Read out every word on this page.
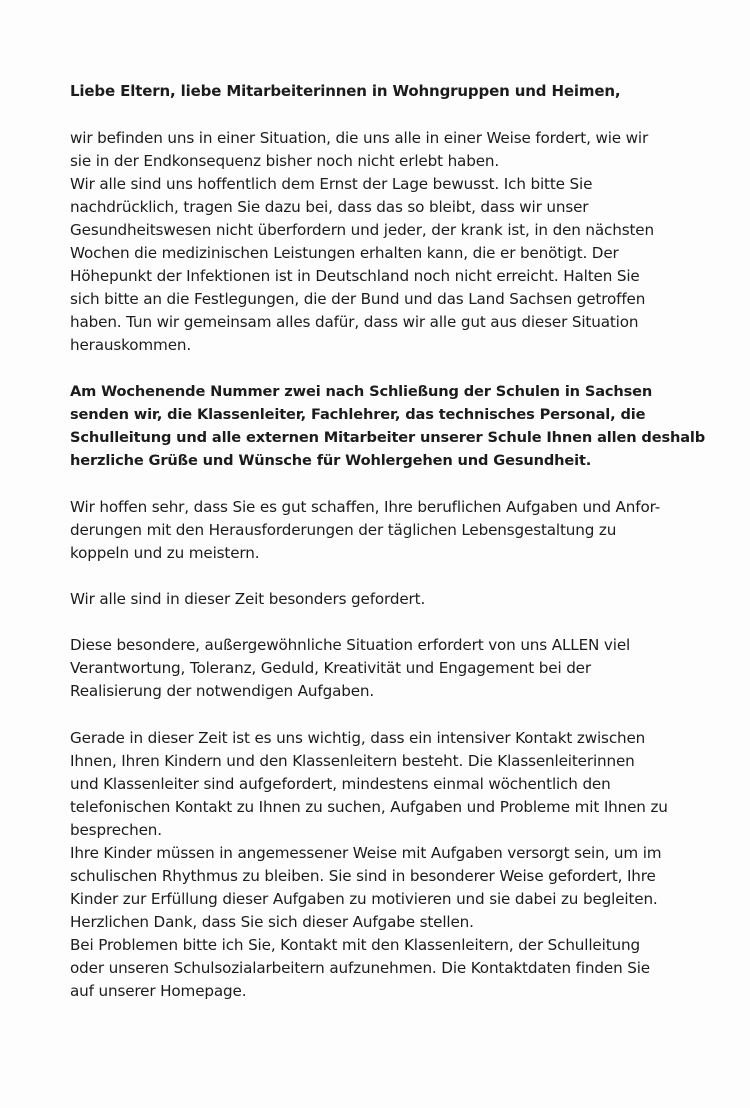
Liebe Eltern, liebe Mitarbeiterinnen in Wohngruppen und Heimen,
wir befinden uns in einer Situation, die uns alle in einer Weise fordert, wie wir
sie in der Endkonsequenz bisher noch nicht erlebt haben.
Wir alle sind uns hoffentlich dem Ernst der Lage bewusst. Ich bitte Sie
nachdrücklich, tragen Sie dazu bei, dass das so bleibt, dass wir unser
Gesundheitswesen nicht überfordern und jeder, der krank ist, in den nächsten
Wochen die medizinischen Leistungen erhalten kann, die er benötigt. Der
Höhepunkt der Infektionen ist in Deutschland noch nicht erreicht. Halten Sie
sich bitte an die Festlegungen, die der Bund und das Land Sachsen getroffen
haben. Tun wir gemeinsam alles dafür, dass wir alle gut aus dieser Situation
herauskommen.
Am Wochenende Nummer zwei nach Schließung der Schulen in Sachsen
senden wir, die Klassenleiter, Fachlehrer, das technisches Personal, die
Schulleitung und alle externen Mitarbeiter unserer Schule Ihnen allen deshalb
herzliche Grüße und Wünsche für Wohlergehen und Gesundheit.
Wir hoffen sehr, dass Sie es gut schaffen, Ihre beruflichen Aufgaben und Anfor-
derungen mit den Herausforderungen der täglichen Lebensgestaltung zu
koppeln und zu meistern.
Wir alle sind in dieser Zeit besonders gefordert.
Diese besondere, außergewöhnliche Situation erfordert von uns ALLEN viel
Verantwortung, Toleranz, Geduld, Kreativität und Engagement bei der
Realisierung der notwendigen Aufgaben.
Gerade in dieser Zeit ist es uns wichtig, dass ein intensiver Kontakt zwischen
Ihnen, Ihren Kindern und den Klassenleitern besteht. Die Klassenleiterinnen
und Klassenleiter sind aufgefordert, mindestens einmal wöchentlich den
telefonischen Kontakt zu Ihnen zu suchen, Aufgaben und Probleme mit Ihnen zu
besprechen.
Ihre Kinder müssen in angemessener Weise mit Aufgaben versorgt sein, um im
schulischen Rhythmus zu bleiben. Sie sind in besonderer Weise gefordert, Ihre
Kinder zur Erfüllung dieser Aufgaben zu motivieren und sie dabei zu begleiten.
Herzlichen Dank, dass Sie sich dieser Aufgabe stellen.
Bei Problemen bitte ich Sie, Kontakt mit den Klassenleitern, der Schulleitung
oder unseren Schulsozialarbeitern aufzunehmen. Die Kontaktdaten finden Sie
auf unserer Homepage.
